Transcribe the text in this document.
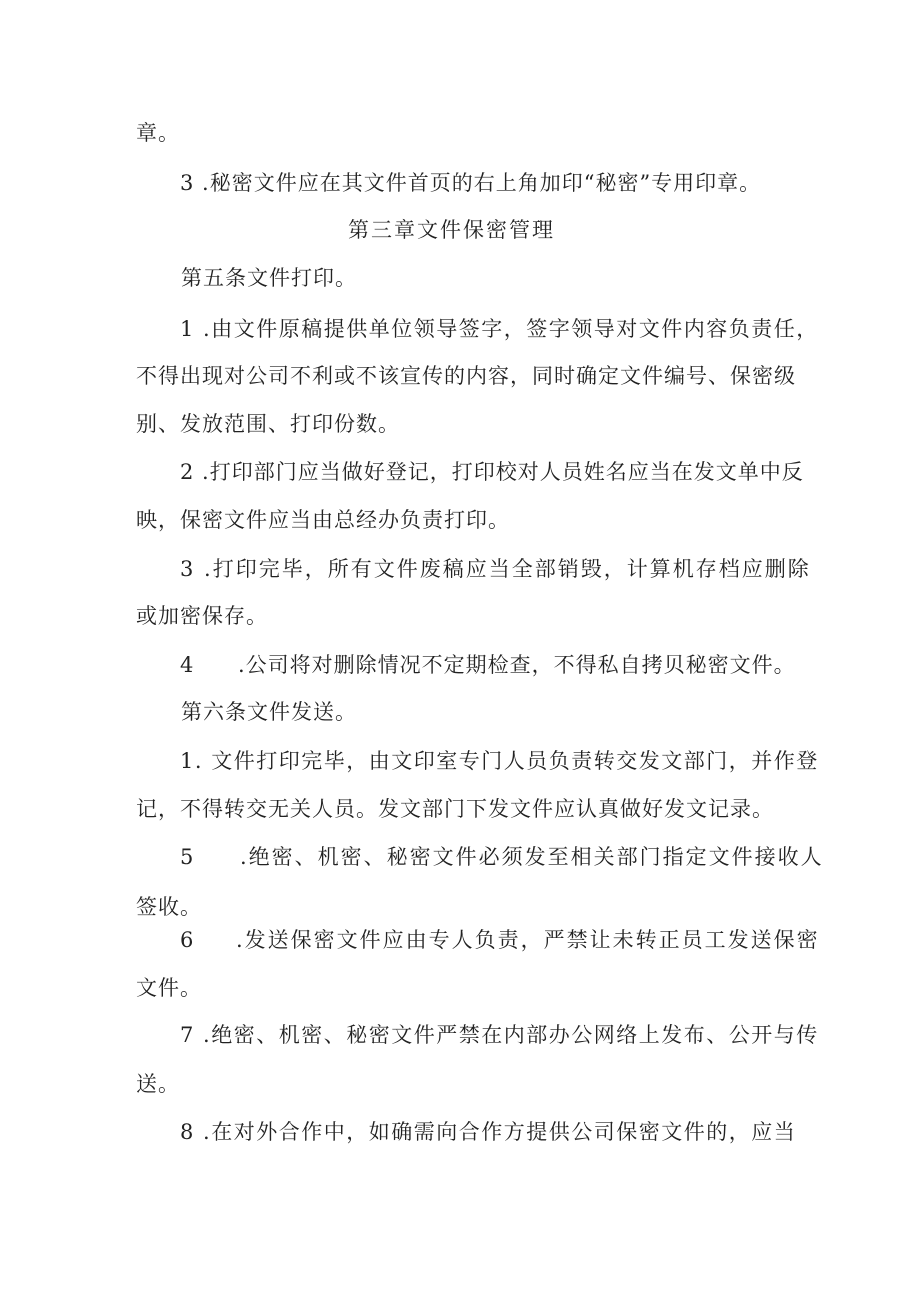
章。
3 .秘密文件应在其文件首页的右上角加印“秘密”专用印章。
第三章文件保密管理
第五条文件打印。
1 .由文件原稿提供单位领导签字，签字领导对文件内容负责任，
不得出现对公司不利或不该宣传的内容，同时确定文件编号、保密级
别、发放范围、打印份数。
2 .打印部门应当做好登记，打印校对人员姓名应当在发文单中反
映，保密文件应当由总经办负责打印。
3 .打印完毕，所有文件废稿应当全部销毁，计算机存档应删除
或加密保存。
4 .公司将对删除情况不定期检查，不得私自拷贝秘密文件。
第六条文件发送。
1. 文件打印完毕，由文印室专门人员负责转交发文部门，并作登
记，不得转交无关人员。发文部门下发文件应认真做好发文记录。
5 .绝密、机密、秘密文件必须发至相关部门指定文件接收人
签收。
6 .发送保密文件应由专人负责，严禁让未转正员工发送保密
文件。
7 .绝密、机密、秘密文件严禁在内部办公网络上发布、公开与传
送。
8 .在对外合作中，如确需向合作方提供公司保密文件的，应当
